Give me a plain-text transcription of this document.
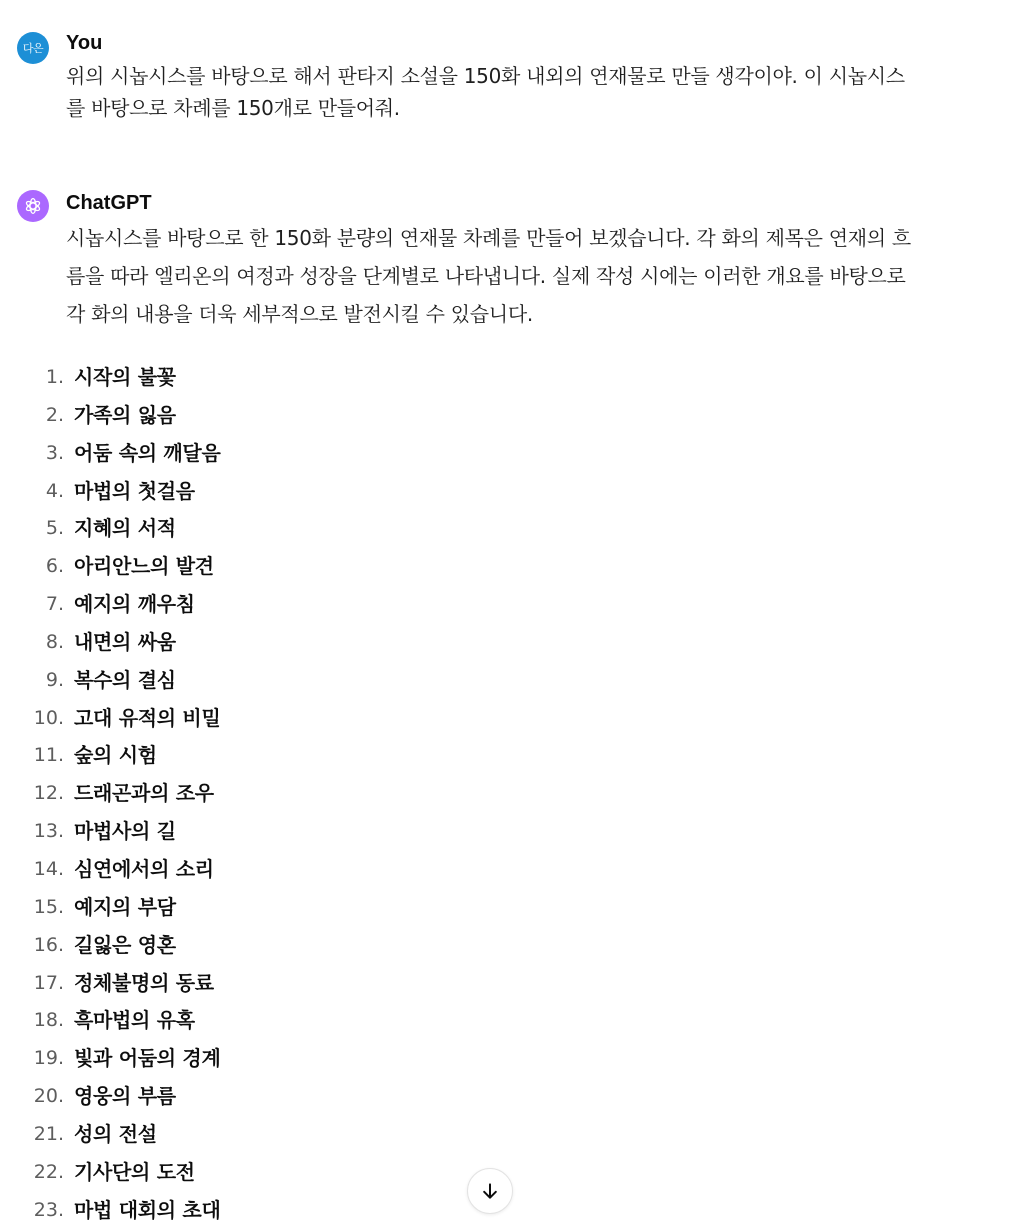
다은 You
위의 시놉시스를 바탕으로 해서 판타지 소설을 150화 내외의 연재물로 만들 생각이야. 이 시놉시스
를 바탕으로 차례를 150개로 만들어줘.
ChatGPT
시놉시스를 바탕으로 한 150화 분량의 연재물 차례를 만들어 보겠습니다. 각 화의 제목은 연재의 흐
름을 따라 엘리온의 여정과 성장을 단계별로 나타냅니다. 실제 작성 시에는 이러한 개요를 바탕으로
각 화의 내용을 더욱 세부적으로 발전시킬 수 있습니다.
1. 시작의 불꽃
2. 가족의 잃음
3. 어둠 속의 깨달음
4. 마법의 첫걸음
5. 지혜의 서적
6. 아리안느의 발견
7. 예지의 깨우침
8. 내면의 싸움
9. 복수의 결심
10. 고대 유적의 비밀
11. 숲의 시험
12. 드래곤과의 조우
13. 마법사의 길
14. 심연에서의 소리
15. 예지의 부담
16. 길잃은 영혼
17. 정체불명의 동료
18. 흑마법의 유혹
19. 빛과 어둠의 경계
20. 영웅의 부름
21. 성의 전설
22. 기사단의 도전
23. 마법 대회의 초대
